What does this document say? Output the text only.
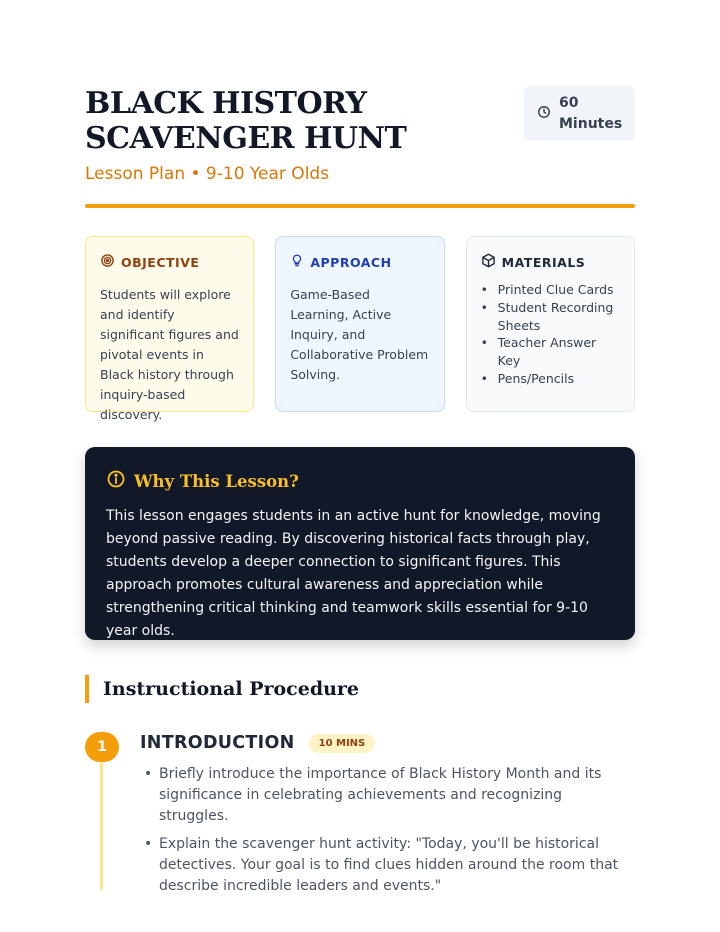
BLACK HISTORY SCAVENGER HUNT
Lesson Plan • 9-10 Year Olds
60 Minutes
OBJECTIVE

Students will explore and identify significant figures and pivotal events in Black history through inquiry-based discovery.

APPROACH

Game-Based Learning, Active Inquiry, and Collaborative Problem Solving.

MATERIALS
• Printed Clue Cards
• Student Recording Sheets
• Teacher Answer Key
• Pens/Pencils
Why This Lesson?

This lesson engages students in an active hunt for knowledge, moving beyond passive reading. By discovering historical facts through play, students develop a deeper connection to significant figures. This approach promotes cultural awareness and appreciation while strengthening critical thinking and teamwork skills essential for 9-10 year olds.

Instructional Procedure
1	INTRODUCTION	10 MINS
• Briefly introduce the importance of Black History Month and its significance in celebrating achievements and recognizing struggles.
• Explain the scavenger hunt activity: "Today, you'll be historical detectives. Your goal is to find clues hidden around the room that describe incredible leaders and events."
